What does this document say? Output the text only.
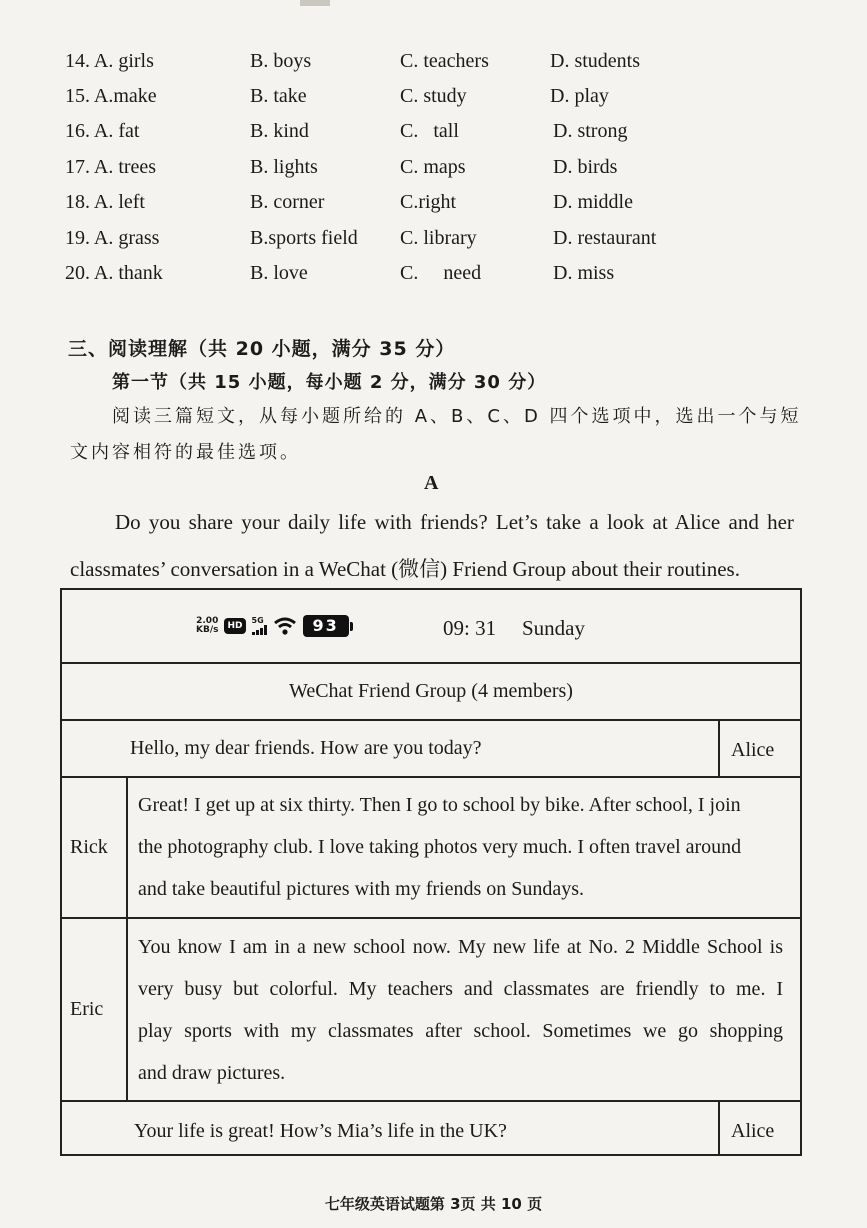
14. A. girls	B. boys	C. teachers	D. students
15. A.make	B. take	C. study	D. play
16. A. fat	B. kind	C.   tall	D. strong
17. A. trees	B. lights	C. maps	D. birds
18. A. left	B. corner	C.right	D. middle
19. A. grass	B.sports field C. library	D. restaurant
20. A. thank	B. love	C.     need	D. miss
三、阅读理解（共 20 小题，满分 35 分）
第一节（共 15 小题，每小题 2 分，满分 30 分）
阅读三篇短文，从每小题所给的 A、B、C、D 四个选项中，选出一个与短
文内容相符的最佳选项。
A
Do you share your daily life with friends? Let’s take a look at Alice and her
classmates’ conversation in a WeChat (微信) Friend Group about their routines.
2.00
KB/s	HD
5G	93	09: 31 Sunday
WeChat Friend Group (4 members)
Hello, my dear friends. How are you today?	Alice
Rick
Great! I get up at six thirty. Then I go to school by bike. After school, I join
the photography club. I love taking photos very much. I often travel around
and take beautiful pictures with my friends on Sundays.
Eric
You know I am in a new school now. My new life at No. 2 Middle School is
very busy but colorful. My teachers and classmates are friendly to me. I
play sports with my classmates after school. Sometimes we go shopping
and draw pictures.
Your life is great! How’s Mia’s life in the UK?	Alice
七年级英语试题第 3页 共 10 页
